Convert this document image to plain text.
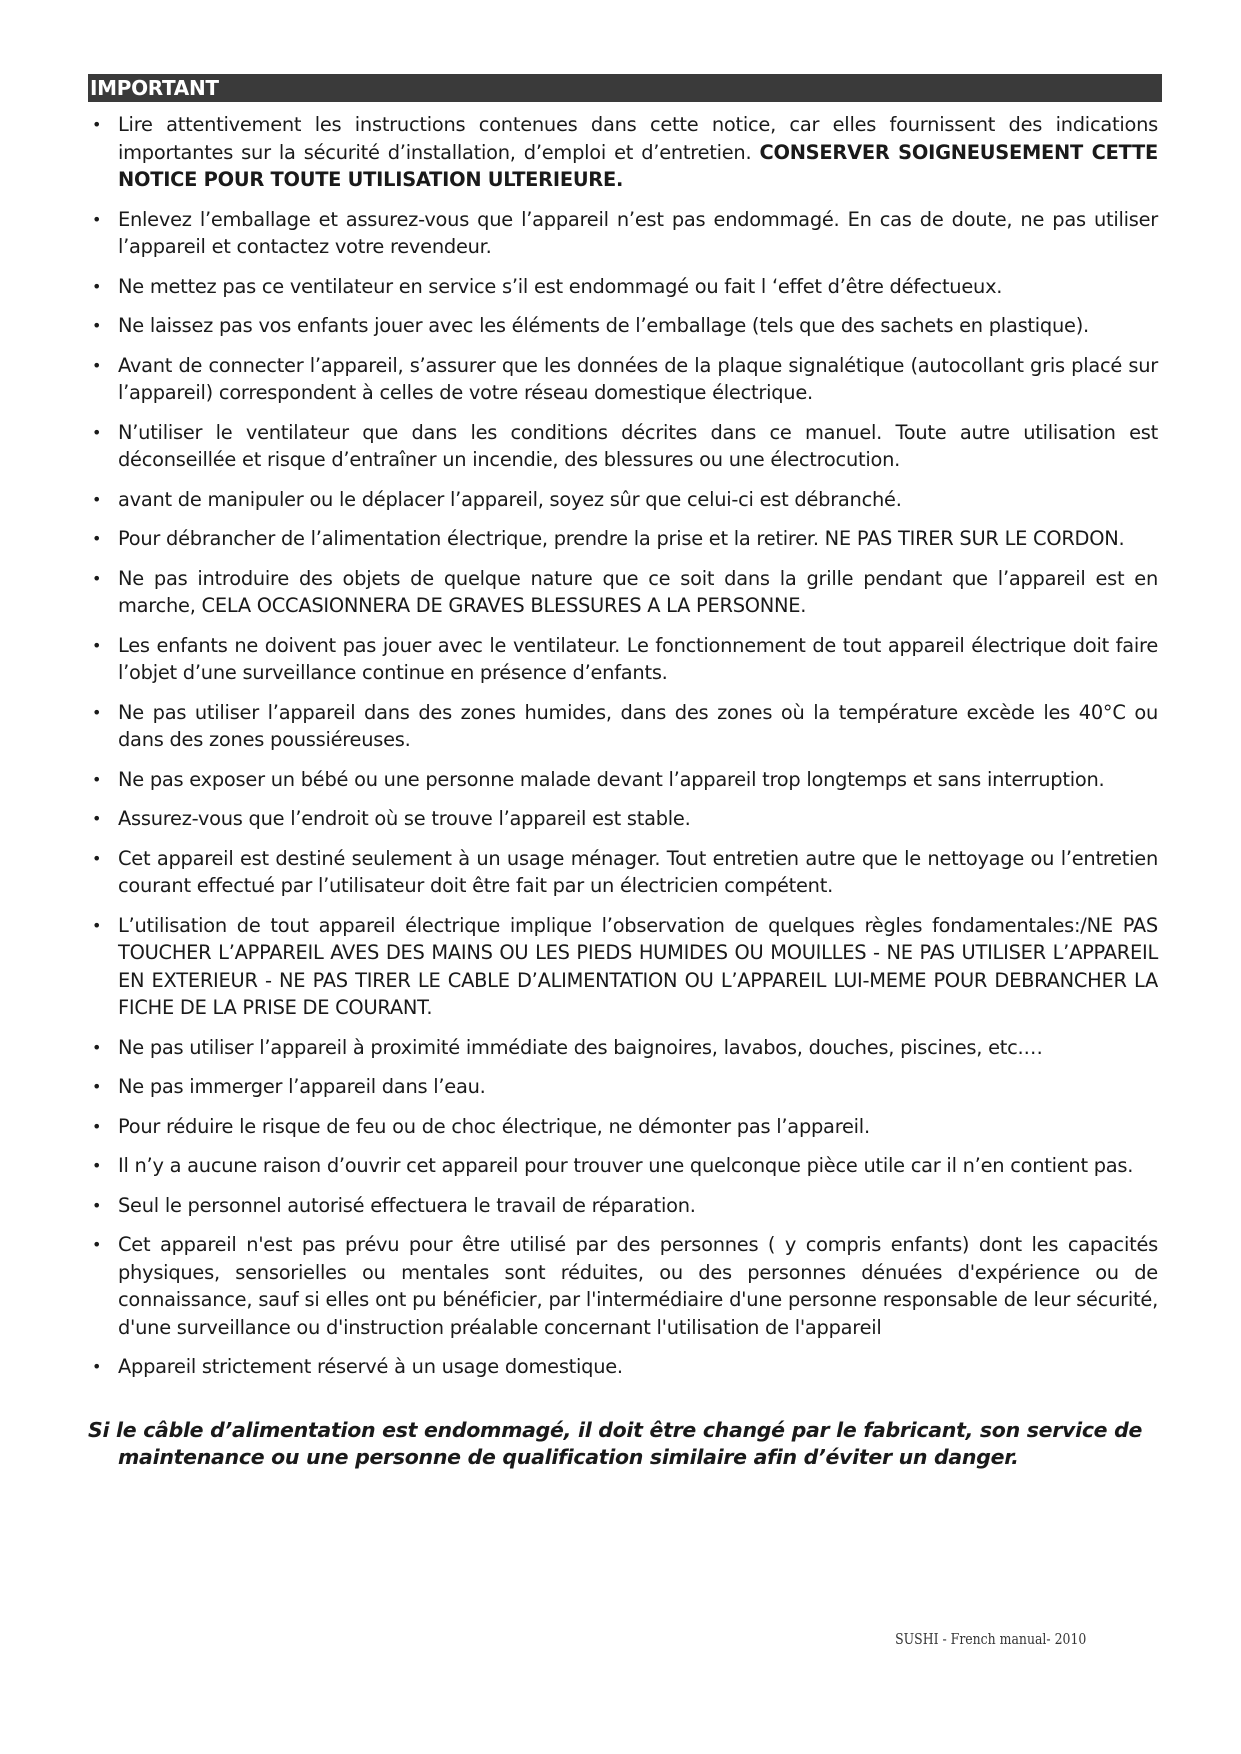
IMPORTANT
• Lire attentivement les instructions contenues dans cette notice, car elles fournissent des indications importantes sur la sécurité d’installation, d’emploi et d’entretien. CONSERVER SOIGNEUSEMENT CETTE NOTICE POUR TOUTE UTILISATION ULTERIEURE.
• Enlevez l’emballage et assurez-vous que l’appareil n’est pas endommagé. En cas de doute, ne pas utiliser l’appareil et contactez votre revendeur.
• Ne mettez pas ce ventilateur en service s’il est endommagé ou fait l ‘effet d’être défectueux.
• Ne laissez pas vos enfants jouer avec les éléments de l’emballage (tels que des sachets en plastique).
• Avant de connecter l’appareil, s’assurer que les données de la plaque signalétique (autocollant gris placé sur l’appareil) correspondent à celles de votre réseau domestique électrique.
• N’utiliser le ventilateur que dans les conditions décrites dans ce manuel. Toute autre utilisation est déconseillée et risque d’entraîner un incendie, des blessures ou une électrocution.
• avant de manipuler ou le déplacer l’appareil, soyez sûr que celui-ci est débranché.
• Pour débrancher de l’alimentation électrique, prendre la prise et la retirer. NE PAS TIRER SUR LE CORDON.
• Ne pas introduire des objets de quelque nature que ce soit dans la grille pendant que l’appareil est en marche, CELA OCCASIONNERA DE GRAVES BLESSURES A LA PERSONNE.
• Les enfants ne doivent pas jouer avec le ventilateur. Le fonctionnement de tout appareil électrique doit faire l’objet d’une surveillance continue en présence d’enfants.
• Ne pas utiliser l’appareil dans des zones humides, dans des zones où la température excède les 40°C ou dans des zones poussiéreuses.
• Ne pas exposer un bébé ou une personne malade devant l’appareil trop longtemps et sans interruption.
• Assurez-vous que l’endroit où se trouve l’appareil est stable.
• Cet appareil est destiné seulement à un usage ménager. Tout entretien autre que le nettoyage ou l’entretien courant effectué par l’utilisateur doit être fait par un électricien compétent.
• L’utilisation de tout appareil électrique implique l’observation de quelques règles fondamentales:/NE PAS TOUCHER L’APPAREIL AVES DES MAINS OU LES PIEDS HUMIDES OU MOUILLES - NE PAS UTILISER L’APPAREIL EN EXTERIEUR - NE PAS TIRER LE CABLE D’ALIMENTATION OU L’APPAREIL LUI-MEME POUR DEBRANCHER LA FICHE DE LA PRISE DE COURANT.
• Ne pas utiliser l’appareil à proximité immédiate des baignoires, lavabos, douches, piscines, etc.…
• Ne pas immerger l’appareil dans l’eau.
• Pour réduire le risque de feu ou de choc électrique, ne démonter pas l’appareil.
• Il n’y a aucune raison d’ouvrir cet appareil pour trouver une quelconque pièce utile car il n’en contient pas.
• Seul le personnel autorisé effectuera le travail de réparation.
• Cet appareil n'est pas prévu pour être utilisé par des personnes ( y compris enfants) dont les capacités physiques, sensorielles ou mentales sont réduites, ou des personnes dénuées d'expérience ou de connaissance, sauf si elles ont pu bénéficier, par l'intermédiaire d'une personne responsable de leur sécurité, d'une surveillance ou d'instruction préalable concernant l'utilisation de l'appareil
• Appareil strictement réservé à un usage domestique.
Si le câble d’alimentation est endommagé, il doit être changé par le fabricant, son service de maintenance ou une personne de qualification similaire afin d’éviter un danger.
SUSHI - French manual- 2010
